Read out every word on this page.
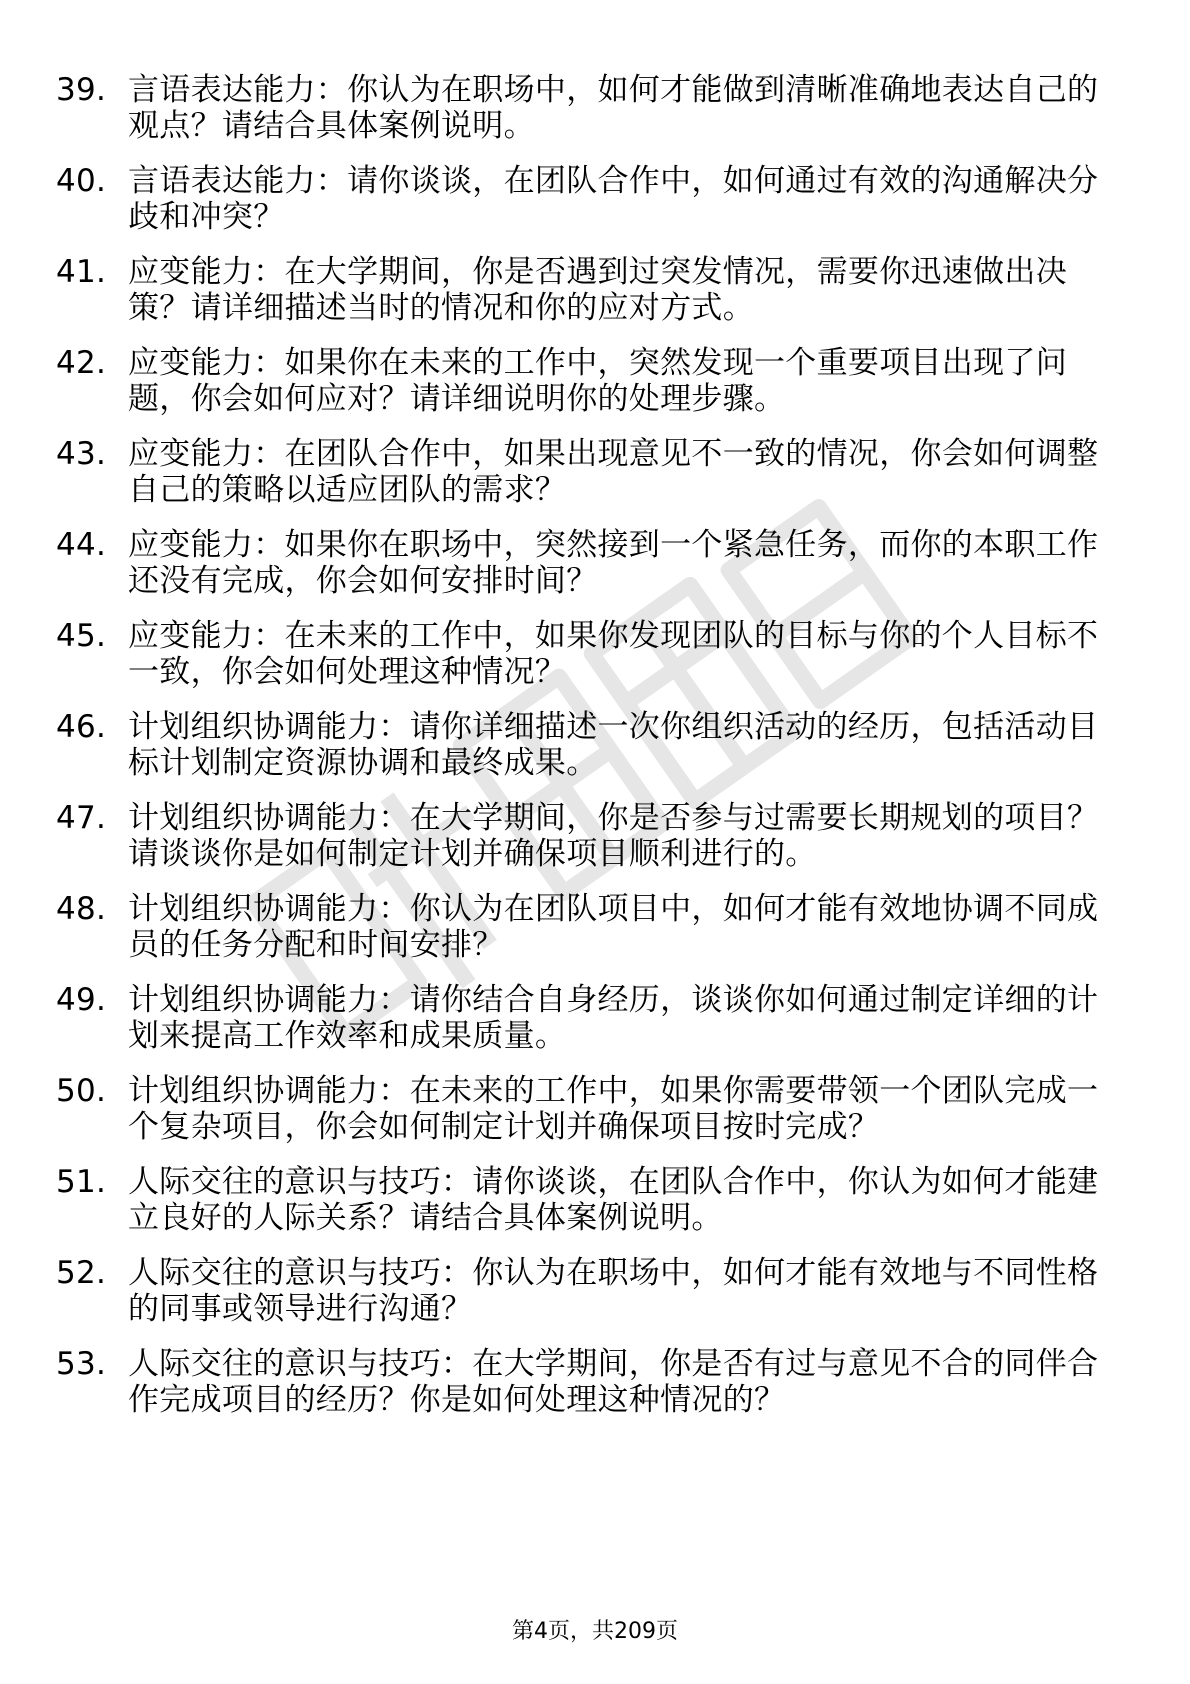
39. 言语表达能力：你认为在职场中，如何才能做到清晰准确地表达自己的观点？请结合具体案例说明。
40. 言语表达能力：请你谈谈，在团队合作中，如何通过有效的沟通解决分歧和冲突？
41. 应变能力：在大学期间，你是否遇到过突发情况，需要你迅速做出决策？请详细描述当时的情况和你的应对方式。
42. 应变能力：如果你在未来的工作中，突然发现一个重要项目出现了问题，你会如何应对？请详细说明你的处理步骤。
43. 应变能力：在团队合作中，如果出现意见不一致的情况，你会如何调整自己的策略以适应团队的需求？
44. 应变能力：如果你在职场中，突然接到一个紧急任务，而你的本职工作还没有完成，你会如何安排时间？
45. 应变能力：在未来的工作中，如果你发现团队的目标与你的个人目标不一致，你会如何处理这种情况？
46. 计划组织协调能力：请你详细描述一次你组织活动的经历，包括活动目标计划制定资源协调和最终成果。
47. 计划组织协调能力：在大学期间，你是否参与过需要长期规划的项目？请谈谈你是如何制定计划并确保项目顺利进行的。
48. 计划组织协调能力：你认为在团队项目中，如何才能有效地协调不同成员的任务分配和时间安排？
49. 计划组织协调能力：请你结合自身经历，谈谈你如何通过制定详细的计划来提高工作效率和成果质量。
50. 计划组织协调能力：在未来的工作中，如果你需要带领一个团队完成一个复杂项目，你会如何制定计划并确保项目按时完成？
51. 人际交往的意识与技巧：请你谈谈，在团队合作中，你认为如何才能建立良好的人际关系？请结合具体案例说明。
52. 人际交往的意识与技巧：你认为在职场中，如何才能有效地与不同性格的同事或领导进行沟通？
53. 人际交往的意识与技巧：在大学期间，你是否有过与意见不合的同伴合作完成项目的经历？你是如何处理这种情况的？
第4页，共209页
